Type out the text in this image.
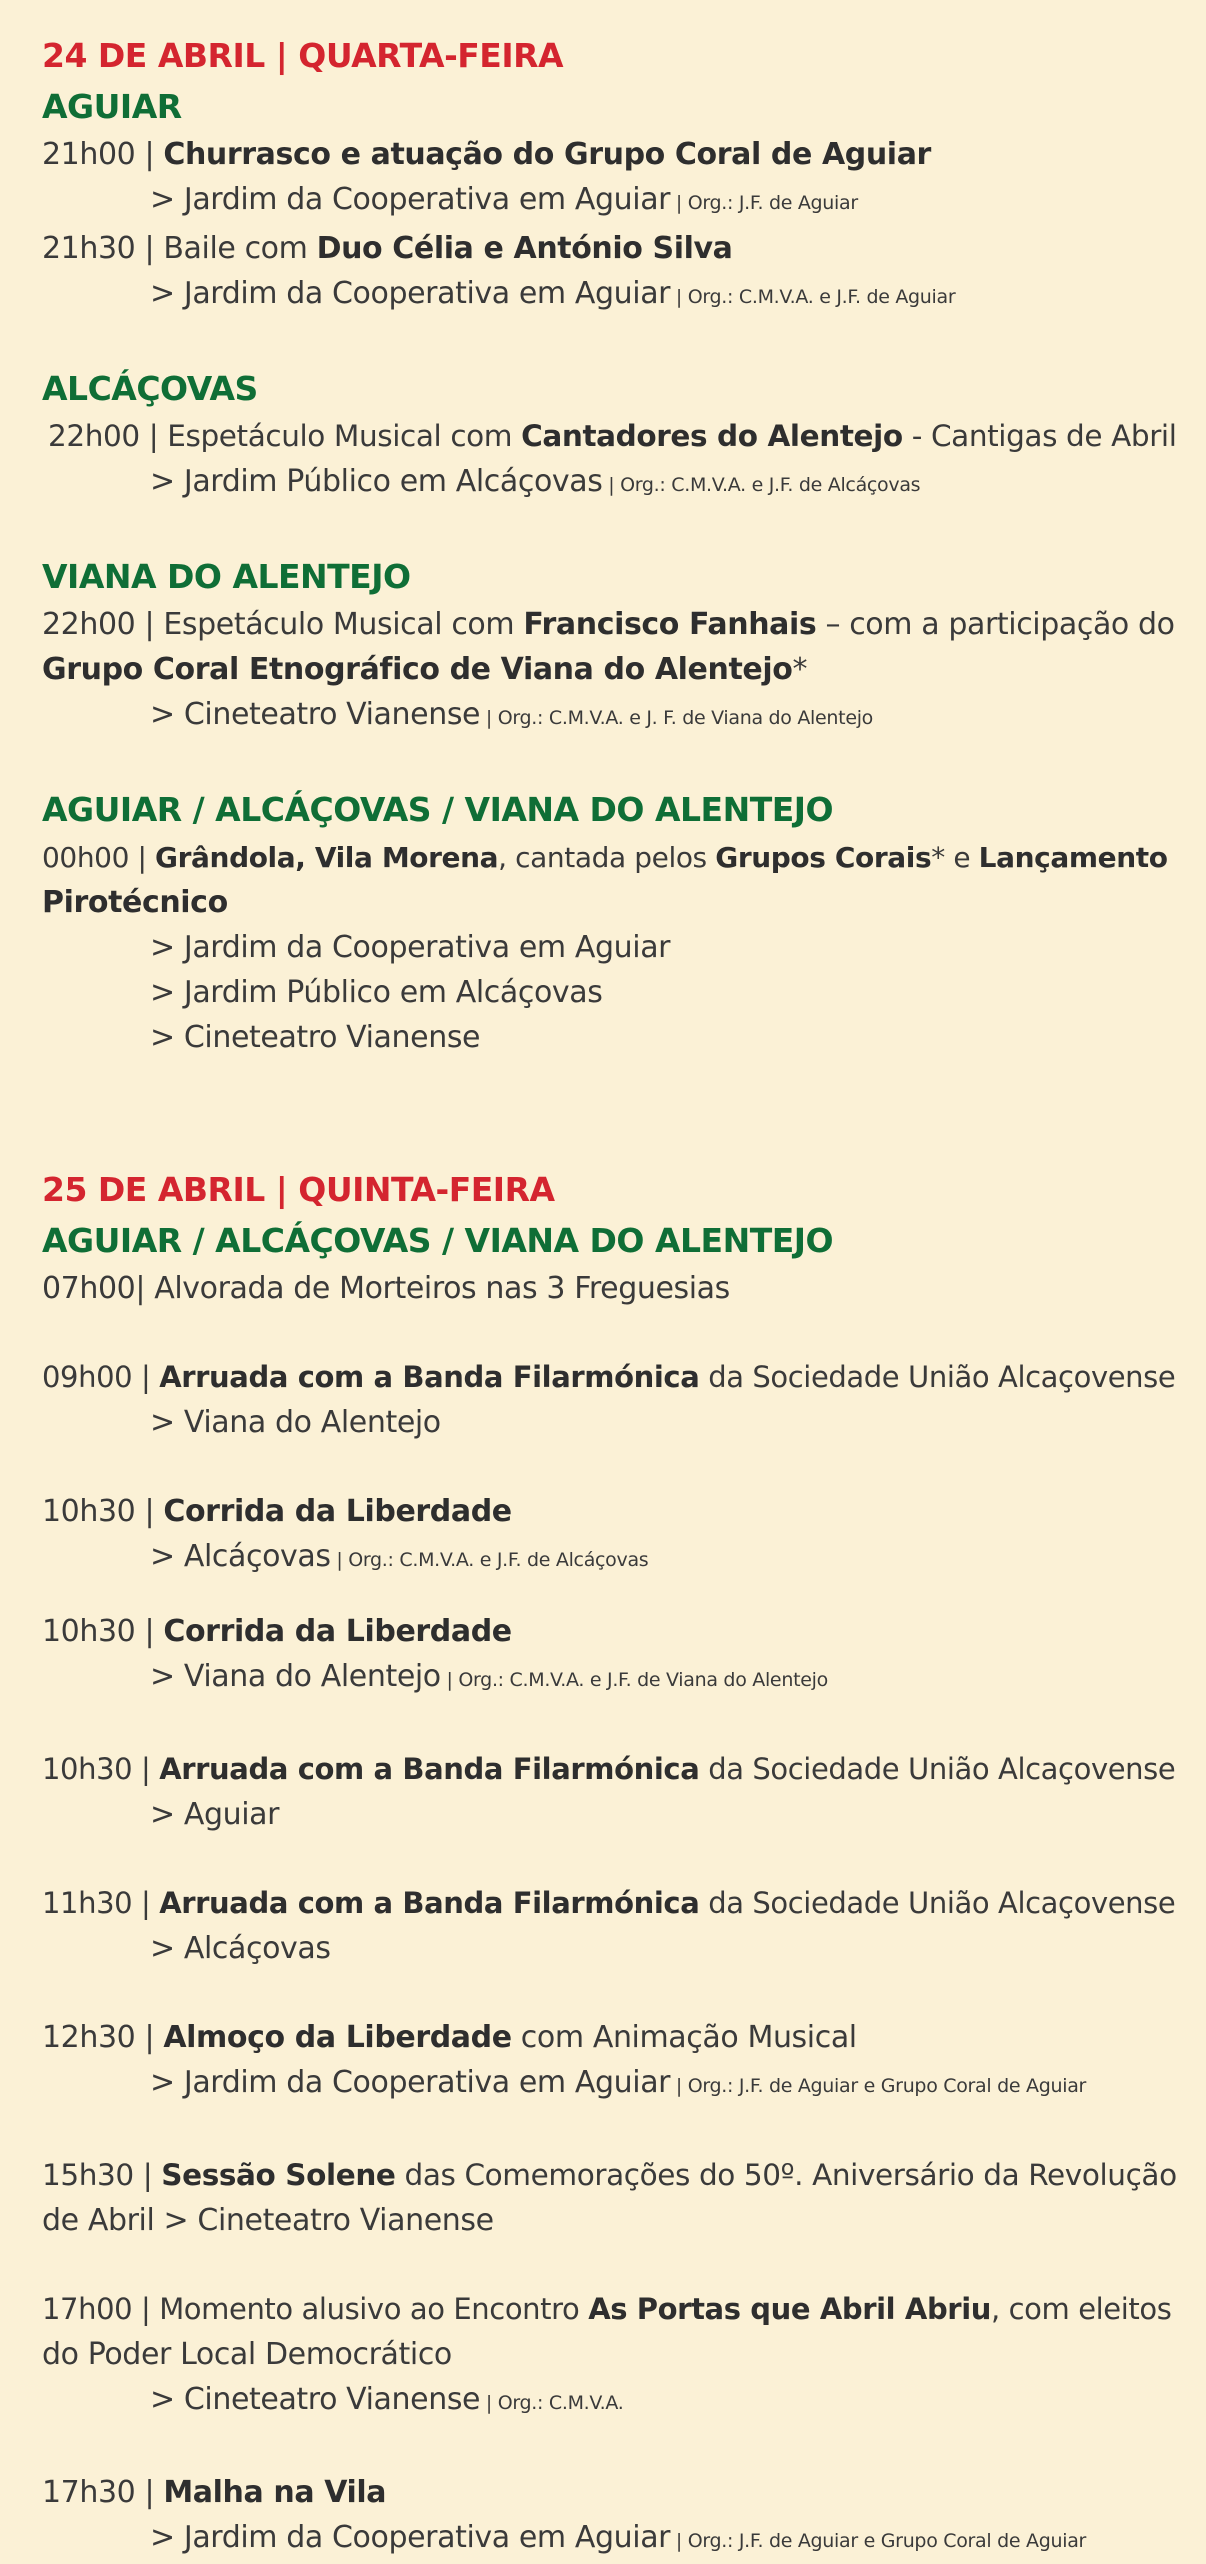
24 DE ABRIL | QUARTA-FEIRA
AGUIAR
21h00 | Churrasco e atuação do Grupo Coral de Aguiar
> Jardim da Cooperativa em Aguiar | Org.: J.F. de Aguiar
21h30 | Baile com Duo Célia e António Silva
> Jardim da Cooperativa em Aguiar | Org.: C.M.V.A. e J.F. de Aguiar
ALCÁÇOVAS
22h00 | Espetáculo Musical com Cantadores do Alentejo - Cantigas de Abril
> Jardim Público em Alcáçovas | Org.: C.M.V.A. e J.F. de Alcáçovas
VIANA DO ALENTEJO
22h00 | Espetáculo Musical com Francisco Fanhais – com a participação do
Grupo Coral Etnográfico de Viana do Alentejo*
> Cineteatro Vianense | Org.: C.M.V.A. e J. F. de Viana do Alentejo
AGUIAR / ALCÁÇOVAS / VIANA DO ALENTEJO
00h00 | Grândola, Vila Morena, cantada pelos Grupos Corais* e Lançamento
Pirotécnico
> Jardim da Cooperativa em Aguiar
> Jardim Público em Alcáçovas
> Cineteatro Vianense
25 DE ABRIL | QUINTA-FEIRA
AGUIAR / ALCÁÇOVAS / VIANA DO ALENTEJO
07h00| Alvorada de Morteiros nas 3 Freguesias
09h00 | Arruada com a Banda Filarmónica da Sociedade União Alcaçovense
> Viana do Alentejo
10h30 | Corrida da Liberdade
> Alcáçovas | Org.: C.M.V.A. e J.F. de Alcáçovas
10h30 | Corrida da Liberdade
> Viana do Alentejo | Org.: C.M.V.A. e J.F. de Viana do Alentejo
10h30 | Arruada com a Banda Filarmónica da Sociedade União Alcaçovense
> Aguiar
11h30 | Arruada com a Banda Filarmónica da Sociedade União Alcaçovense
> Alcáçovas
12h30 | Almoço da Liberdade com Animação Musical
> Jardim da Cooperativa em Aguiar | Org.: J.F. de Aguiar e Grupo Coral de Aguiar
15h30 | Sessão Solene das Comemorações do 50º. Aniversário da Revolução
de Abril > Cineteatro Vianense
17h00 | Momento alusivo ao Encontro As Portas que Abril Abriu, com eleitos
do Poder Local Democrático
> Cineteatro Vianense | Org.: C.M.V.A.
17h30 | Malha na Vila
> Jardim da Cooperativa em Aguiar | Org.: J.F. de Aguiar e Grupo Coral de Aguiar
